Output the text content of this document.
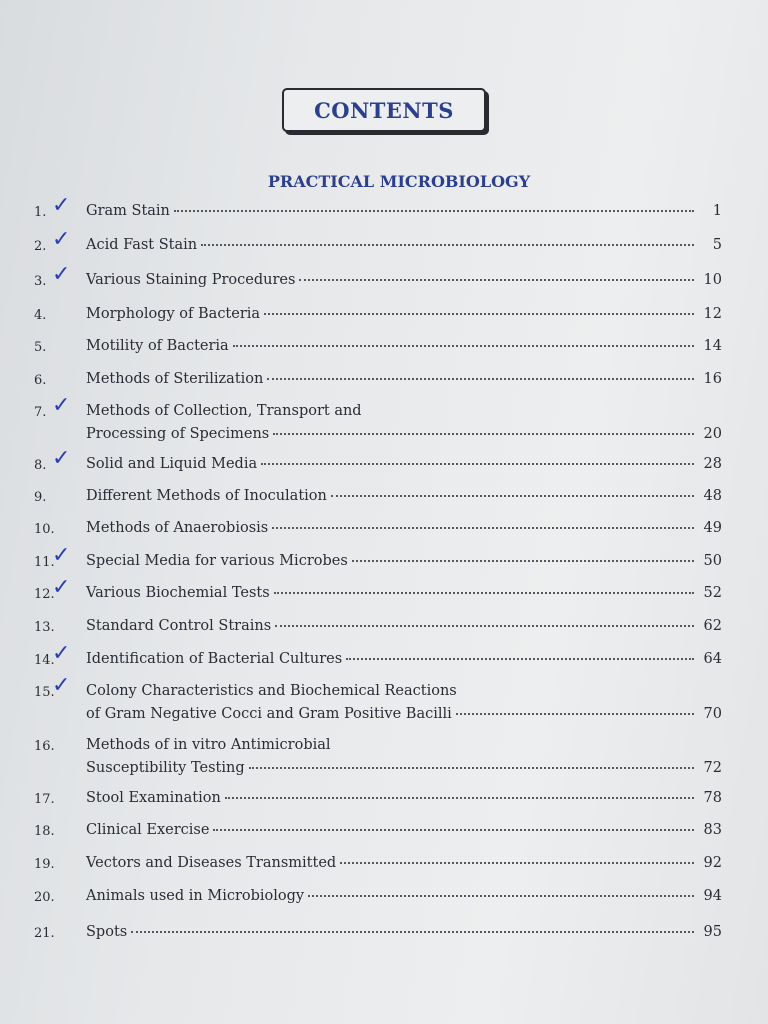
CONTENTS
PRACTICAL MICROBIOLOGY
1.	Gram Stain	1
✓
2.	Acid Fast Stain	5
✓
3.	Various Staining Procedures	10
✓
4.	Morphology of Bacteria	12
5.	Motility of Bacteria	14
6.	Methods of Sterilization	16
7.	Methods of Collection, Transport and
Processing of Specimens	20
✓
8.	Solid and Liquid Media	28
✓
9.	Different Methods of Inoculation	48
10.	Methods of Anaerobiosis	49
11.	Special Media for various Microbes	50
✓
12.	Various Biochemial Tests	52
✓
13.	Standard Control Strains	62
14.	Identification of Bacterial Cultures	64
✓
15.	Colony Characteristics and Biochemical Reactions
of Gram Negative Cocci and Gram Positive Bacilli	70
✓
16.	Methods of in vitro Antimicrobial
Susceptibility Testing	72
17.	Stool Examination	78
18.	Clinical Exercise	83
19.	Vectors and Diseases Transmitted	92
20.	Animals used in Microbiology	94
21.	Spots	95
